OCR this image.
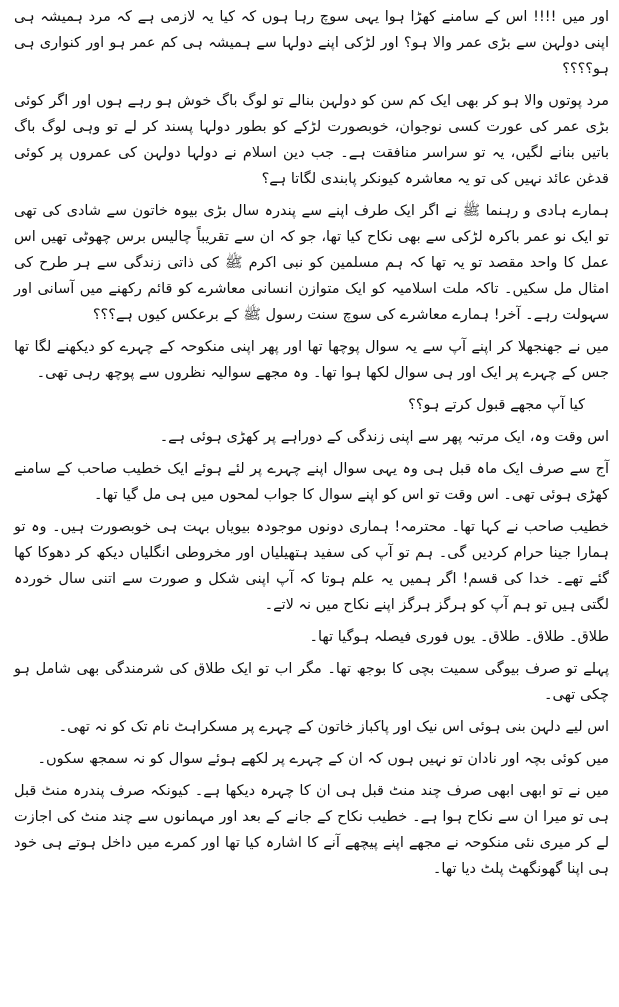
اور میں !!!! اس کے سامنے کھڑا ہوا یہی سوچ رہا ہوں کہ کیا یہ لازمی ہے کہ مرد ہمیشہ ہی اپنی دولہن سے بڑی عمر والا ہو؟ اور لڑکی اپنے دولہا سے ہمیشہ ہی کم عمر ہو اور کنواری ہی ہو؟؟؟؟

مرد پوتوں والا ہو کر بھی ایک کم سن کو دولہن بنالے تو لوگ باگ خوش ہو رہے ہوں اور اگر کوئی بڑی عمر کی عورت کسی نوجوان، خوبصورت لڑکے کو بطور دولہا پسند کر لے تو وہی لوگ باگ باتیں بنانے لگیں، یہ تو سراسر منافقت ہے۔ جب دین اسلام نے دولہا دولہن کی عمروں پر کوئی قدغن عائد نہیں کی تو یہ معاشرہ کیونکر پابندی لگاتا ہے؟

ہمارے ہادی و رہنما ﷺ نے اگر ایک طرف اپنے سے پندرہ سال بڑی بیوہ خاتون سے شادی کی تھی تو ایک نو عمر باکرہ لڑکی سے بھی نکاح کیا تھا، جو کہ ان سے تقریباً چالیس برس چھوٹی تھیں اس عمل کا واحد مقصد تو یہ تھا کہ ہم مسلمین کو نبی اکرم ﷺ کی ذاتی زندگی سے ہر طرح کی امثال مل سکیں۔ تاکہ ملت اسلامیہ کو ایک متوازن انسانی معاشرے کو قائم رکھنے میں آسانی اور سہولت رہے۔ آخر! ہمارے معاشرے کی سوچ سنت رسول ﷺ کے برعکس کیوں ہے؟؟؟

میں نے جھنجھلا کر اپنے آپ سے یہ سوال پوچھا تھا اور پھر اپنی منکوحہ کے چہرے کو دیکھنے لگا تھا جس کے چہرے پر ایک اور ہی سوال لکھا ہوا تھا۔ وہ مجھے سوالیہ نظروں سے پوچھ رہی تھی۔

کیا آپ مجھے قبول کرتے ہو؟؟

اس وقت وہ، ایک مرتبہ پھر سے اپنی زندگی کے دوراہے پر کھڑی ہوئی ہے۔

آج سے صرف ایک ماہ قبل ہی وہ یہی سوال اپنے چہرے پر لئے ہوئے ایک خطیب صاحب کے سامنے کھڑی ہوئی تھی۔ اس وقت تو اس کو اپنے سوال کا جواب لمحوں میں ہی مل گیا تھا۔

خطیب صاحب نے کہا تھا۔ محترمہ! ہماری دونوں موجودہ بیویاں بہت ہی خوبصورت ہیں۔ وہ تو ہمارا جینا حرام کردیں گی۔ ہم تو آپ کی سفید ہتھیلیاں اور مخروطی انگلیاں دیکھ کر دھوکا کھا گئے تھے۔ خدا کی قسم! اگر ہمیں یہ علم ہوتا کہ آپ اپنی شکل و صورت سے اتنی سال خوردہ لگتی ہیں تو ہم آپ کو ہرگز ہرگز اپنے نکاح میں نہ لاتے۔

طلاق۔ طلاق۔ طلاق۔ یوں فوری فیصلہ ہوگیا تھا۔

پہلے تو صرف بیوگی سمیت بچی کا بوجھ تھا۔ مگر اب تو ایک طلاق کی شرمندگی بھی شامل ہو چکی تھی۔

اس لیے دلہن بنی ہوئی اس نیک اور پاکباز خاتون کے چہرے پر مسکراہٹ نام تک کو نہ تھی۔

میں کوئی بچہ اور نادان تو نہیں ہوں کہ ان کے چہرے پر لکھے ہوئے سوال کو نہ سمجھ سکوں۔

میں نے تو ابھی ابھی صرف چند منٹ قبل ہی ان کا چہرہ دیکھا ہے۔ کیونکہ صرف پندرہ منٹ قبل ہی تو میرا ان سے نکاح ہوا ہے۔ خطیب نکاح کے جانے کے بعد اور مہمانوں سے چند منٹ کی اجازت لے کر میری نئی منکوحہ نے مجھے اپنے پیچھے آنے کا اشارہ کیا تھا اور کمرے میں داخل ہوتے ہی خود ہی اپنا گھونگھٹ پلٹ دیا تھا۔
